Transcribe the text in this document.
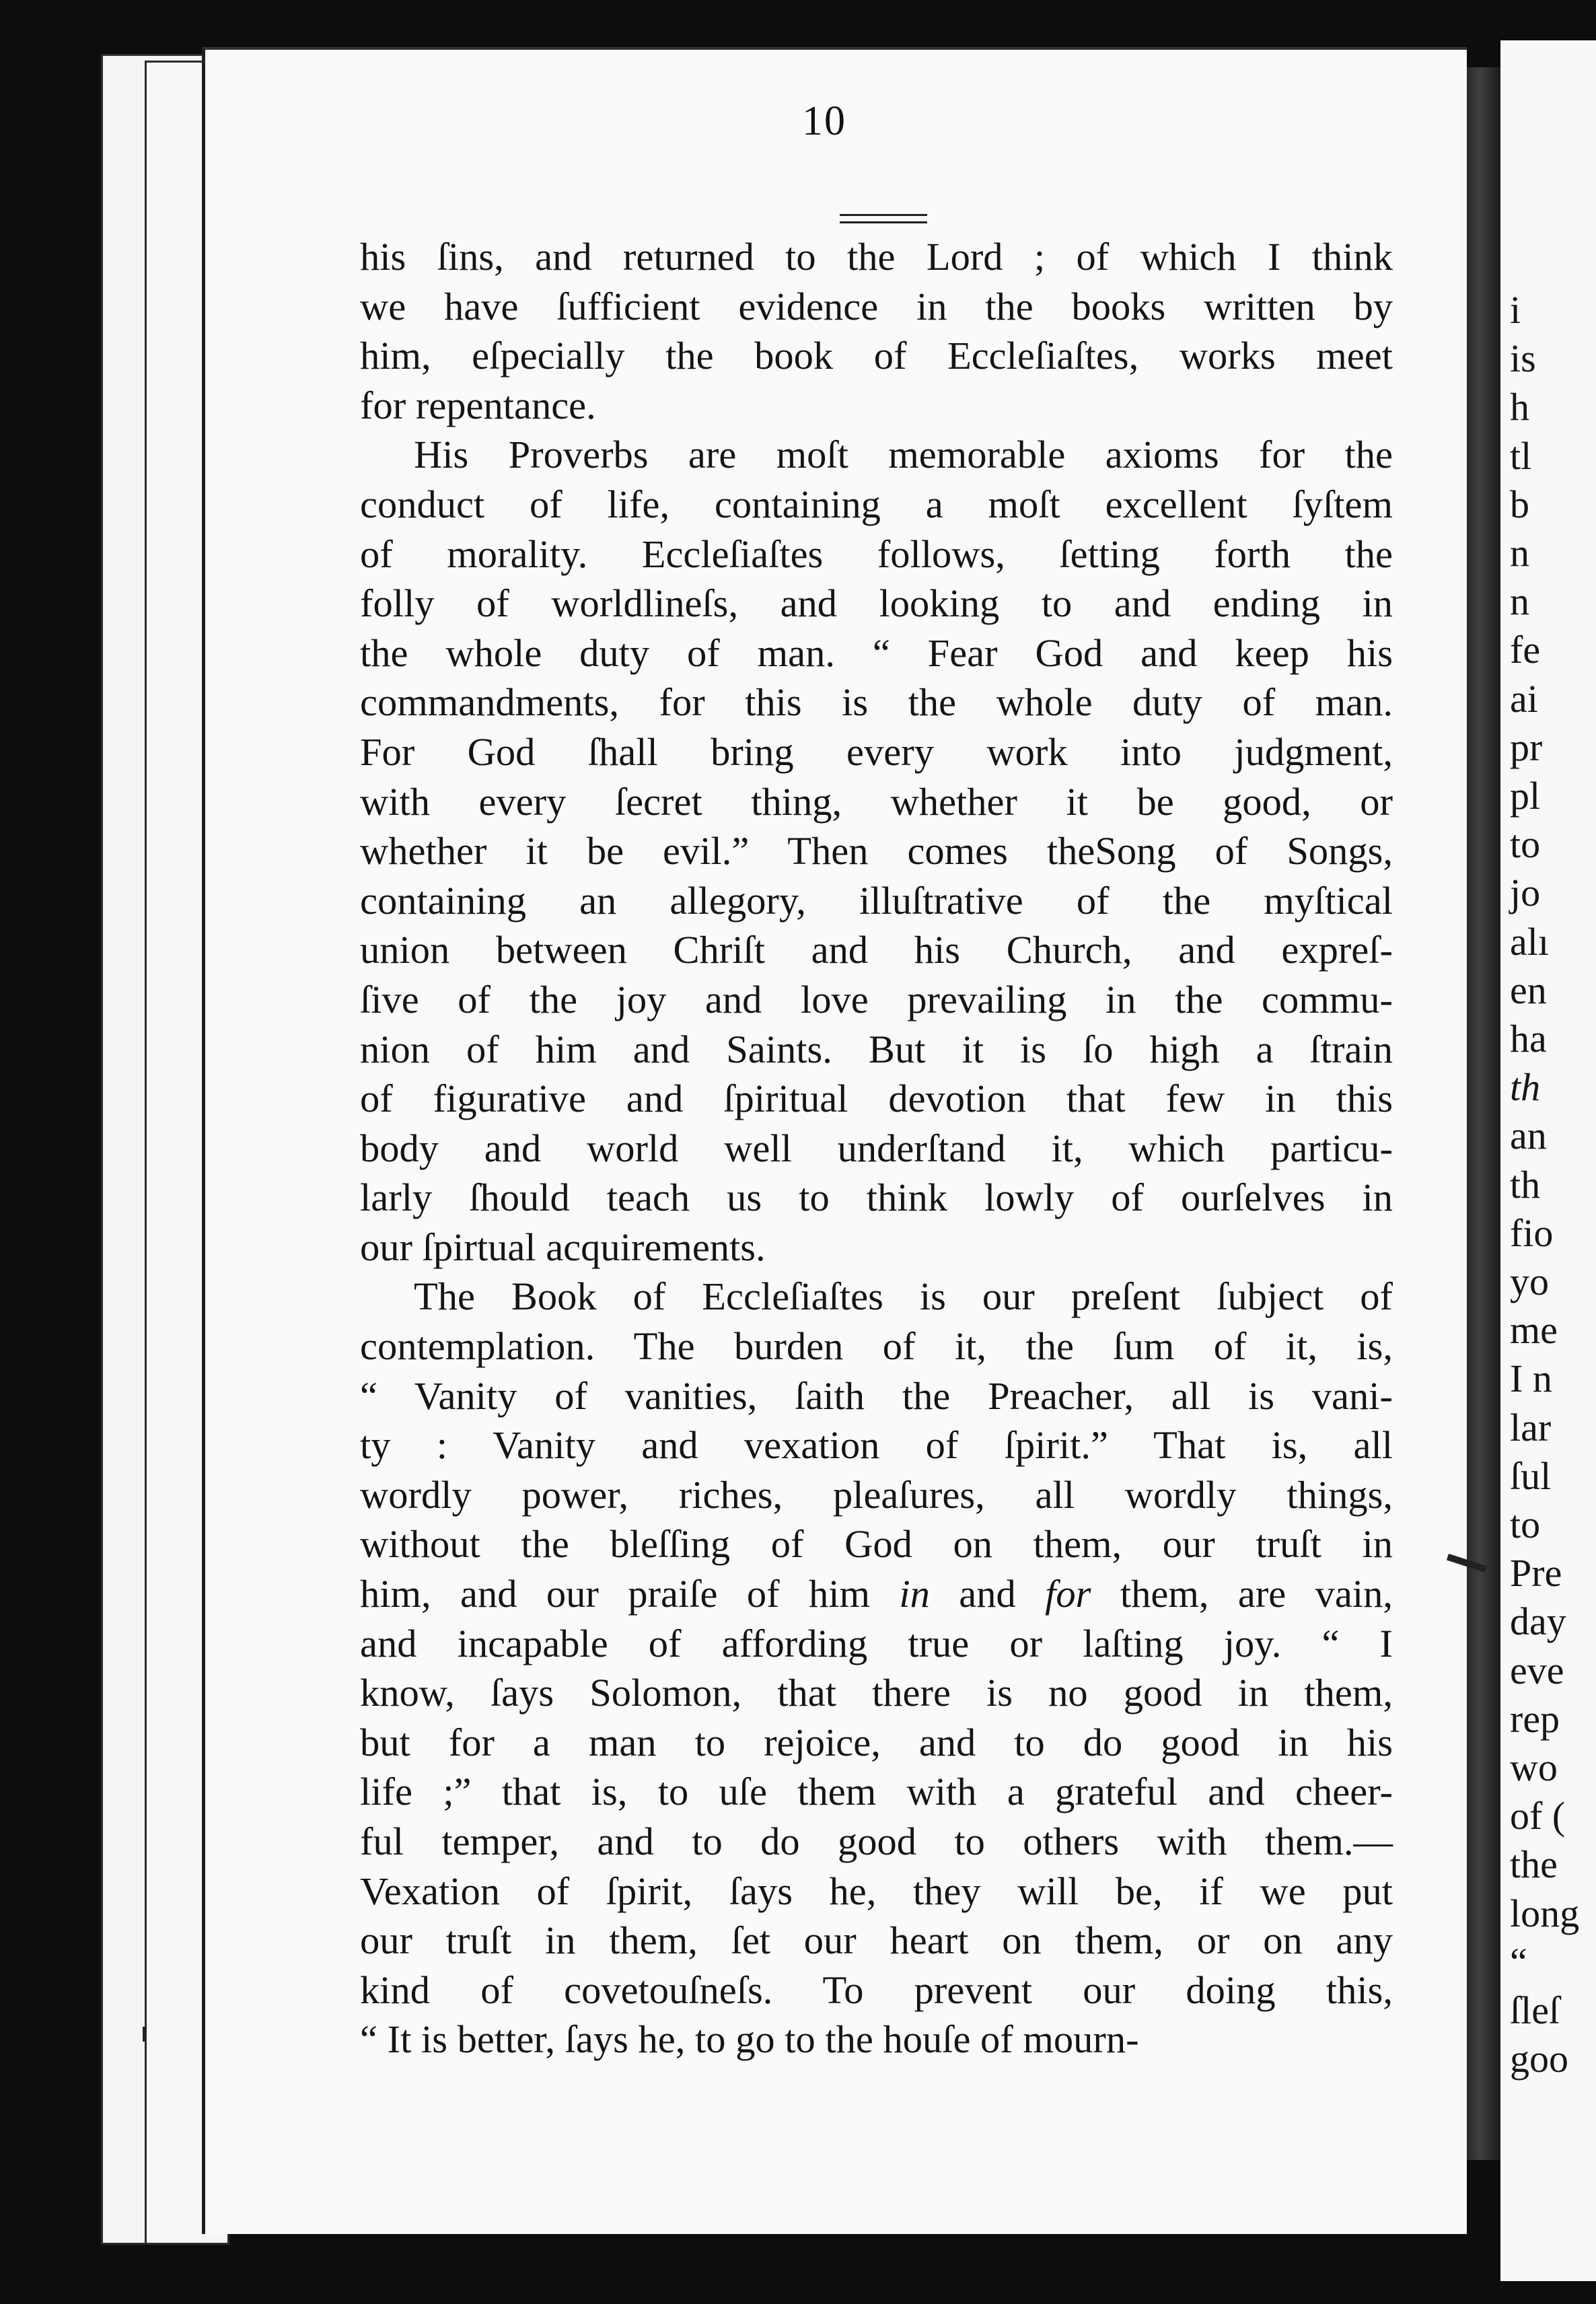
10
his ſins, and returned to the Lord ; of which I think
we have ſufficient evidence in the books written by
him, eſpecially the book of Eccleſiaſtes, works meet
for repentance.
His Proverbs are moſt memorable axioms for the
conduct of life, containing a moſt excellent ſyſtem
of morality. Eccleſiaſtes follows, ſetting forth the
folly of worldlineſs, and looking to and ending in
the whole duty of man. “ Fear God and keep his
commandments, for this is the whole duty of man.
For God ſhall bring every work into judgment,
with every ſecret thing, whether it be good, or
whether it be evil.” Then comes theSong of Songs,
containing an allegory, illuſtrative of the myſtical
union between Chriſt and his Church, and expreſ-
ſive of the joy and love prevailing in the commu-
nion of him and Saints. But it is ſo high a ſtrain
of figurative and ſpiritual devotion that few in this
body and world well underſtand it, which particu-
larly ſhould teach us to think lowly of ourſelves in
our ſpirtual acquirements.
The Book of Eccleſiaſtes is our preſent ſubject of
contemplation. The burden of it, the ſum of it, is,
“ Vanity of vanities, ſaith the Preacher, all is vani-
ty : Vanity and vexation of ſpirit.” That is, all
wordly power, riches, pleaſures, all wordly things,
without the bleſſing of God on them, our truſt in
him, and our praiſe of him in and for them, are vain,
and incapable of affording true or laſting joy. “ I
know, ſays Solomon, that there is no good in them,
but for a man to rejoice, and to do good in his
life ;” that is, to uſe them with a grateful and cheer-
ful temper, and to do good to others with them.—
Vexation of ſpirit, ſays he, they will be, if we put
our truſt in them, ſet our heart on them, or on any
kind of covetouſneſs. To prevent our doing this,
“ It is better, ſays he, to go to the houſe of mourn-
i
is
h
tl
b
n
n
fe
ai
pr
pl
to
jo
alı
en
ha
th
an
th
fio
yo
me
I n
lar
ſul
to
Pre
day
eve
rep
wo
of (
the
long
“
ſleſ
goo
